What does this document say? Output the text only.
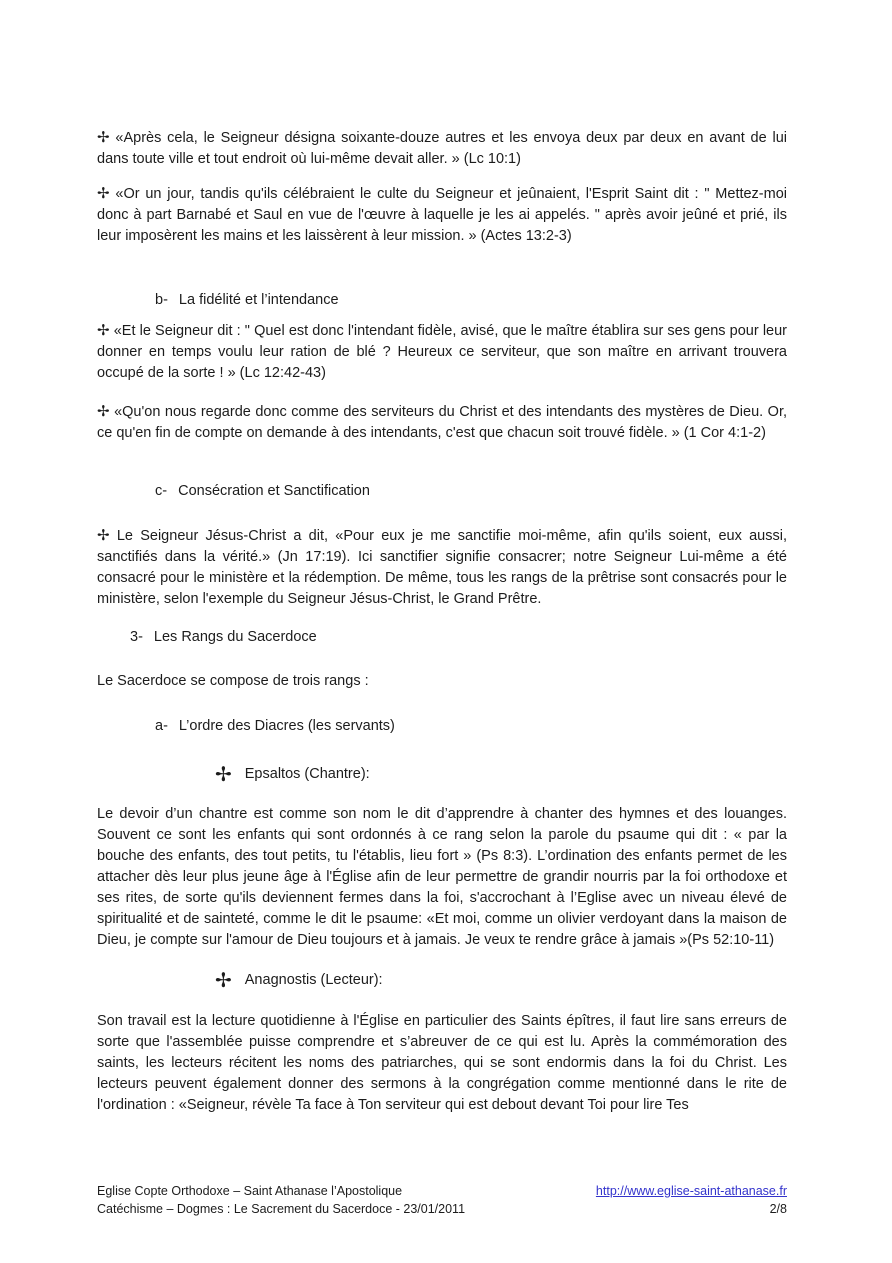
✢ «Après cela, le Seigneur désigna soixante-douze autres et les envoya deux par deux en avant de lui dans toute ville et tout endroit où lui-même devait aller. » (Lc 10:1)

✢ «Or un jour, tandis qu'ils célébraient le culte du Seigneur et jeûnaient, l'Esprit Saint dit : " Mettez-moi donc à part Barnabé et Saul en vue de l'œuvre à laquelle je les ai appelés. " après avoir jeûné et prié, ils leur imposèrent les mains et les laissèrent à leur mission. » (Actes 13:2-3)

b- La fidélité et l’intendance

✢ «Et le Seigneur dit : " Quel est donc l'intendant fidèle, avisé, que le maître établira sur ses gens pour leur donner en temps voulu leur ration de blé ? Heureux ce serviteur, que son maître en arrivant trouvera occupé de la sorte ! » (Lc 12:42-43)

✢ «Qu'on nous regarde donc comme des serviteurs du Christ et des intendants des mystères de Dieu. Or, ce qu'en fin de compte on demande à des intendants, c'est que chacun soit trouvé fidèle. » (1 Cor 4:1-2)

c- Consécration et Sanctification

✢ Le Seigneur Jésus-Christ a dit, «Pour eux je me sanctifie moi-même, afin qu'ils soient, eux aussi, sanctifiés dans la vérité.» (Jn 17:19). Ici sanctifier signifie consacrer; notre Seigneur Lui-même a été consacré pour le ministère et la rédemption. De même, tous les rangs de la prêtrise sont consacrés pour le ministère, selon l'exemple du Seigneur Jésus-Christ, le Grand Prêtre.

3- Les Rangs du Sacerdoce

Le Sacerdoce se compose de trois rangs :

a- L’ordre des Diacres (les servants)
✢ Epsaltos (Chantre):

Le devoir d’un chantre est comme son nom le dit d’apprendre à chanter des hymnes et des louanges. Souvent ce sont les enfants qui sont ordonnés à ce rang selon la parole du psaume qui dit : « par la bouche des enfants, des tout petits, tu l'établis, lieu fort » (Ps 8:3). L’ordination des enfants permet de les attacher dès leur plus jeune âge à l'Église afin de leur permettre de grandir nourris par la foi orthodoxe et ses rites, de sorte qu'ils deviennent fermes dans la foi, s'accrochant à l’Eglise avec un niveau élevé de spiritualité et de sainteté, comme le dit le psaume: «Et moi, comme un olivier verdoyant dans la maison de Dieu, je compte sur l'amour de Dieu toujours et à jamais. Je veux te rendre grâce à jamais »(Ps 52:10-11)

✢ Anagnostis (Lecteur):

Son travail est la lecture quotidienne à l'Église en particulier des Saints épîtres, il faut lire sans erreurs de sorte que l'assemblée puisse comprendre et s’abreuver de ce qui est lu. Après la commémoration des saints, les lecteurs récitent les noms des patriarches, qui se sont endormis dans la foi du Christ. Les lecteurs peuvent également donner des sermons à la congrégation comme mentionné dans le rite de l'ordination : «Seigneur, révèle Ta face à Ton serviteur qui est debout devant Toi pour lire Tes

Eglise Copte Orthodoxe – Saint Athanase l’Apostolique
Catéchisme – Dogmes : Le Sacrement du Sacerdoce - 23/01/2011
http://www.eglise-saint-athanase.fr
2/8
